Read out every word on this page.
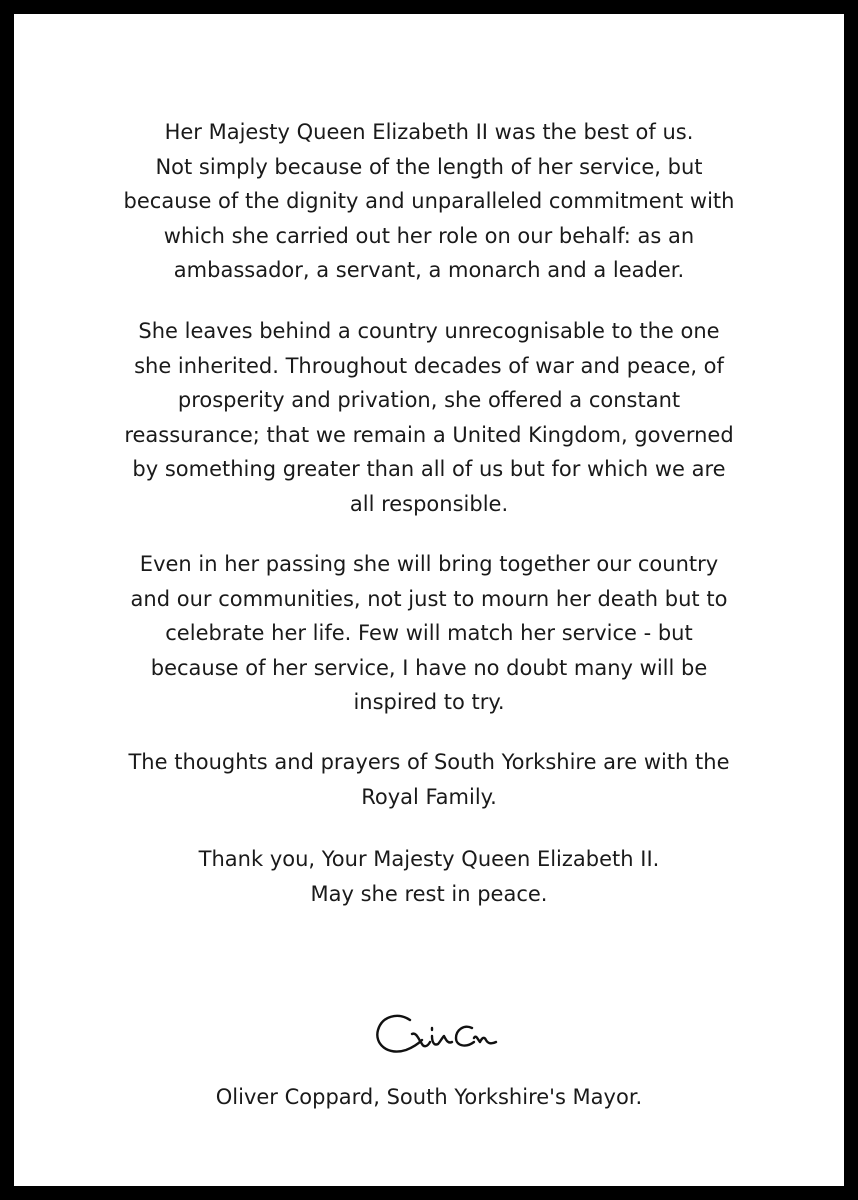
Her Majesty Queen Elizabeth II was the best of us.
Not simply because of the length of her service, but
because of the dignity and unparalleled commitment with
which she carried out her role on our behalf: as an
ambassador, a servant, a monarch and a leader.

She leaves behind a country unrecognisable to the one
she inherited. Throughout decades of war and peace, of
prosperity and privation, she offered a constant
reassurance; that we remain a United Kingdom, governed
by something greater than all of us but for which we are
all responsible.

Even in her passing she will bring together our country
and our communities, not just to mourn her death but to
celebrate her life. Few will match her service - but
because of her service, I have no doubt many will be
inspired to try.

The thoughts and prayers of South Yorkshire are with the
Royal Family.

Thank you, Your Majesty Queen Elizabeth II.
May she rest in peace.

Oliver Coppard, South Yorkshire's Mayor.
